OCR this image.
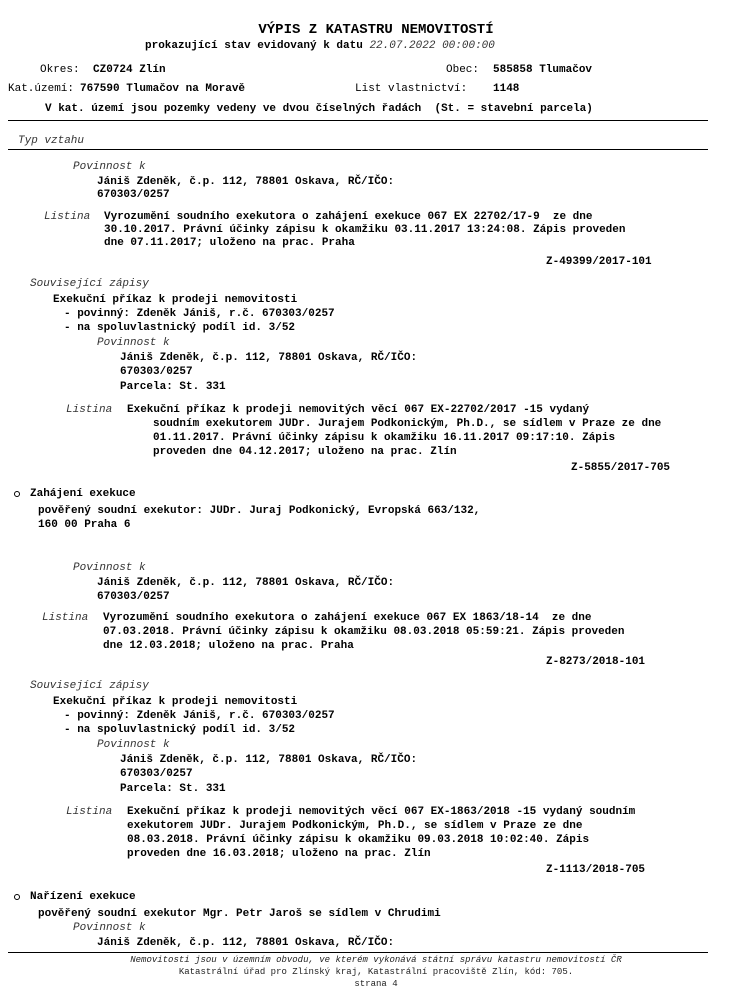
VÝPIS Z KATASTRU NEMOVITOSTÍ
prokazující stav evidovaný k datu 22.07.2022 00:00:00
Okres: CZ0724 Zlín	Obec: 585858 Tlumačov
Kat.území: 767590 Tlumačov na Moravě	List vlastnictví: 1148
V kat. území jsou pozemky vedeny ve dvou číselných řadách  (St. = stavební parcela)
Typ vztahu
Povinnost k
Jániš Zdeněk, č.p. 112, 78801 Oskava, RČ/IČO:
670303/0257
Listina Vyrozumění soudního exekutora o zahájení exekuce 067 EX 22702/17-9  ze dne
30.10.2017. Právní účinky zápisu k okamžiku 03.11.2017 13:24:08. Zápis proveden
dne 07.11.2017; uloženo na prac. Praha
Z-49399/2017-101
Související zápisy
Exekuční příkaz k prodeji nemovitosti
- povinný: Zdeněk Jániš, r.č. 670303/0257
- na spoluvlastnický podíl id. 3/52
Povinnost k
Jániš Zdeněk, č.p. 112, 78801 Oskava, RČ/IČO:
670303/0257
Parcela: St. 331
Listina Exekuční příkaz k prodeji nemovitých věcí 067 EX-22702/2017 -15 vydaný
soudním exekutorem JUDr. Jurajem Podkonickým, Ph.D., se sídlem v Praze ze dne
01.11.2017. Právní účinky zápisu k okamžiku 16.11.2017 09:17:10. Zápis
proveden dne 04.12.2017; uloženo na prac. Zlín
Z-5855/2017-705
Zahájení exekuce
pověřený soudní exekutor: JUDr. Juraj Podkonický, Evropská 663/132,
160 00 Praha 6
Povinnost k
Jániš Zdeněk, č.p. 112, 78801 Oskava, RČ/IČO:
670303/0257
Listina Vyrozumění soudního exekutora o zahájení exekuce 067 EX 1863/18-14  ze dne
07.03.2018. Právní účinky zápisu k okamžiku 08.03.2018 05:59:21. Zápis proveden
dne 12.03.2018; uloženo na prac. Praha
Z-8273/2018-101
Související zápisy
Exekuční příkaz k prodeji nemovitosti
- povinný: Zdeněk Jániš, r.č. 670303/0257
- na spoluvlastnický podíl id. 3/52
Povinnost k
Jániš Zdeněk, č.p. 112, 78801 Oskava, RČ/IČO:
670303/0257
Parcela: St. 331
Listina Exekuční příkaz k prodeji nemovitých věcí 067 EX-1863/2018 -15 vydaný soudním
exekutorem JUDr. Jurajem Podkonickým, Ph.D., se sídlem v Praze ze dne
08.03.2018. Právní účinky zápisu k okamžiku 09.03.2018 10:02:40. Zápis
proveden dne 16.03.2018; uloženo na prac. Zlín
Z-1113/2018-705
Nařízení exekuce
pověřený soudní exekutor Mgr. Petr Jaroš se sídlem v Chrudimi
Povinnost k
Jániš Zdeněk, č.p. 112, 78801 Oskava, RČ/IČO:
Nemovitosti jsou v územním obvodu, ve kterém vykonává státní správu katastru nemovitostí ČR
Katastrální úřad pro Zlínský kraj, Katastrální pracoviště Zlín, kód: 705.
strana 4
